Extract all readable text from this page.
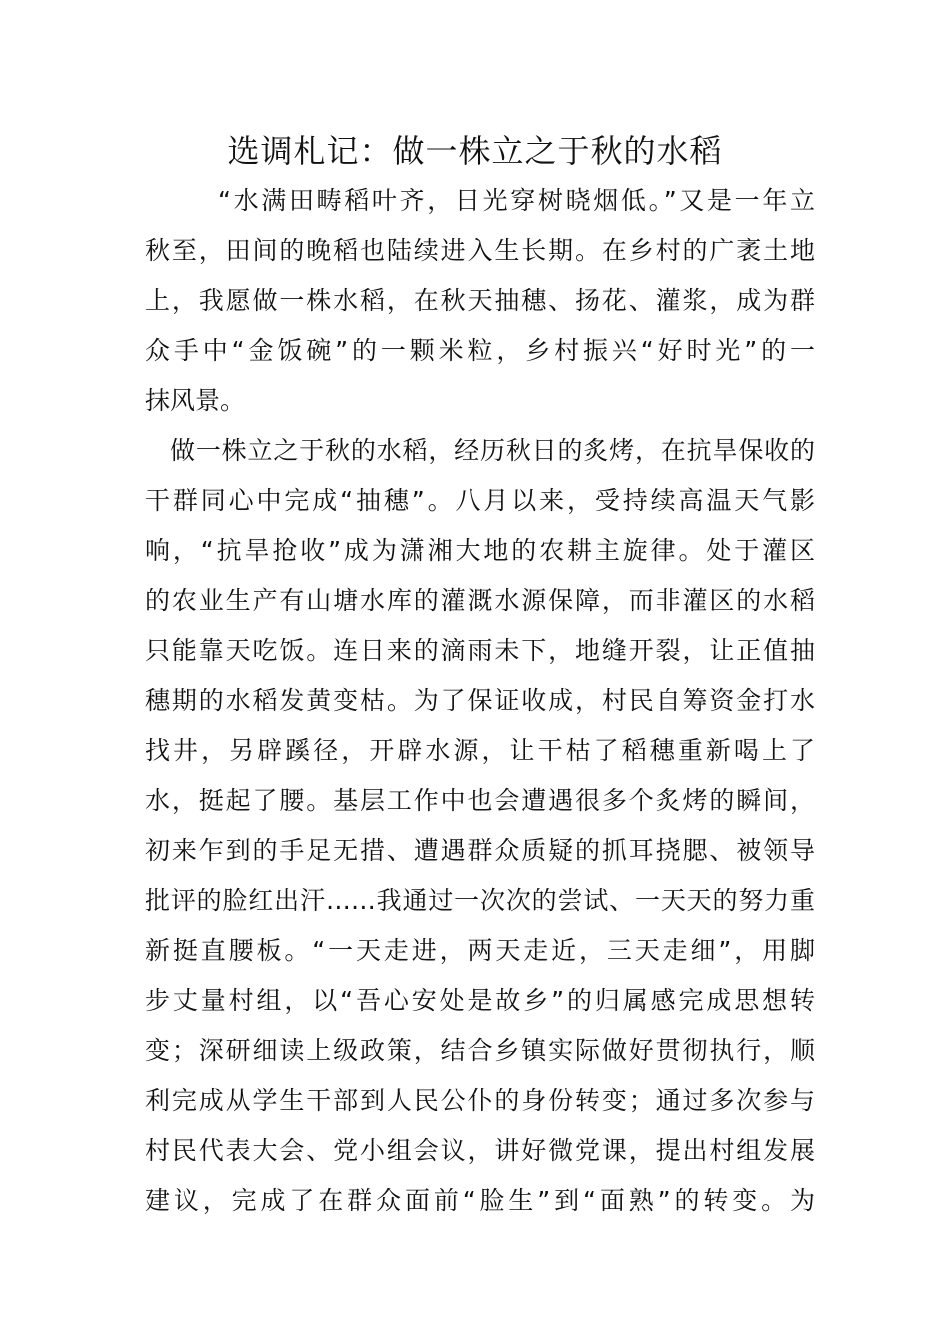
选调札记：做一株立之于秋的水稻
“水满田畴稻叶齐，日光穿树晓烟低。”又是一年立
秋至，田间的晚稻也陆续进入生长期。在乡村的广袤土地
上，我愿做一株水稻，在秋天抽穗、扬花、灌浆，成为群
众手中“金饭碗”的一颗米粒，乡村振兴“好时光”的一
抹风景。
做一株立之于秋的水稻，经历秋日的炙烤，在抗旱保收的
干群同心中完成“抽穗”。八月以来，受持续高温天气影
响，“抗旱抢收”成为潇湘大地的农耕主旋律。处于灌区
的农业生产有山塘水库的灌溉水源保障，而非灌区的水稻
只能靠天吃饭。连日来的滴雨未下，地缝开裂，让正值抽
穗期的水稻发黄变枯。为了保证收成，村民自筹资金打水
找井，另辟蹊径，开辟水源，让干枯了稻穗重新喝上了
水，挺起了腰。基层工作中也会遭遇很多个炙烤的瞬间，
初来乍到的手足无措、遭遇群众质疑的抓耳挠腮、被领导
批评的脸红出汗……我通过一次次的尝试、一天天的努力重
新挺直腰板。“一天走进，两天走近，三天走细”，用脚
步丈量村组，以“吾心安处是故乡”的归属感完成思想转
变；深研细读上级政策，结合乡镇实际做好贯彻执行，顺
利完成从学生干部到人民公仆的身份转变；通过多次参与
村民代表大会、党小组会议，讲好微党课，提出村组发展
建议，完成了在群众面前“脸生”到“面熟”的转变。为
